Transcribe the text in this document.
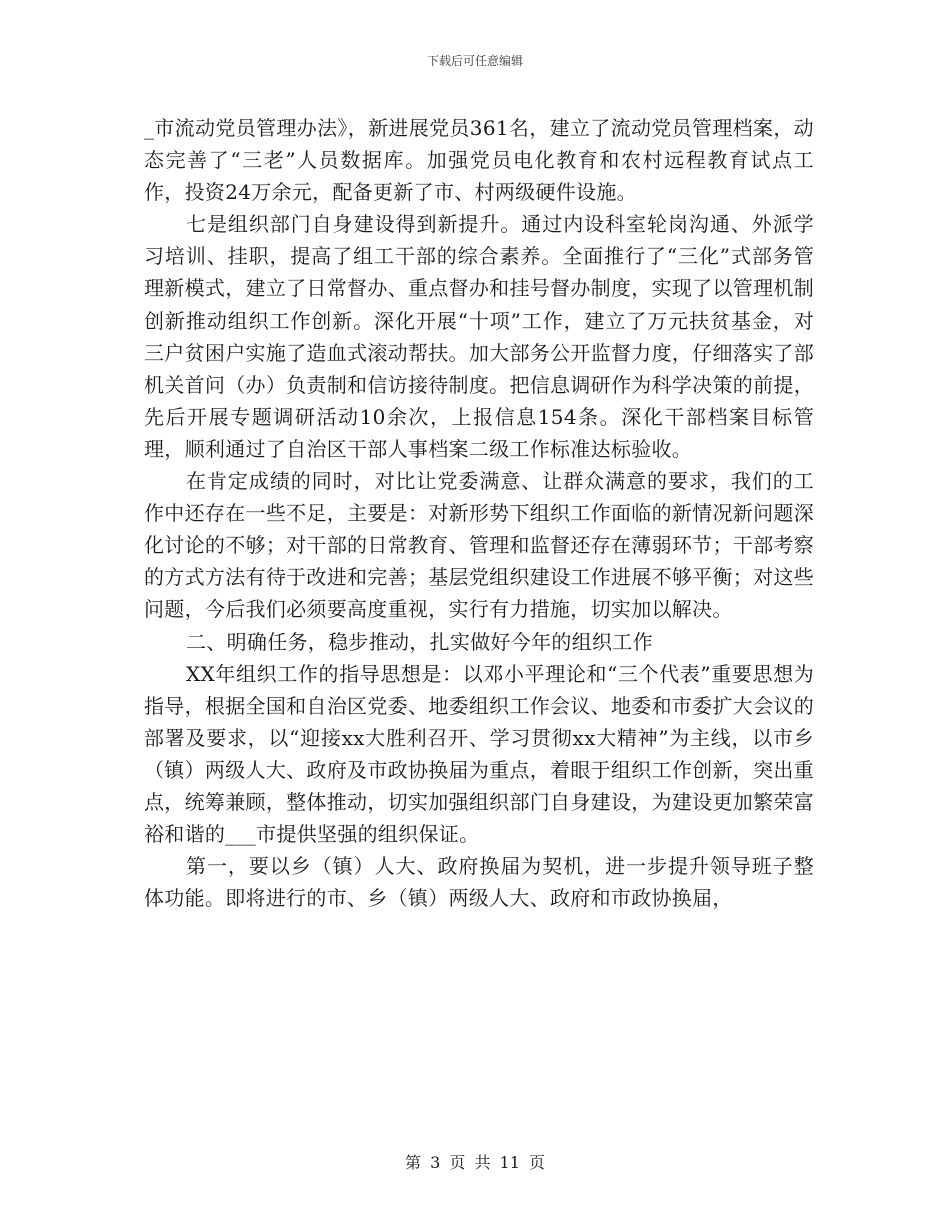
下载后可任意编辑

_市流动党员管理办法》，新进展党员361名，建立了流动党员管理档案，动态完善了“三老”人员数据库。加强党员电化教育和农村远程教育试点工作，投资24万余元，配备更新了市、村两级硬件设施。

七是组织部门自身建设得到新提升。通过内设科室轮岗沟通、外派学习培训、挂职，提高了组工干部的综合素养。全面推行了“三化”式部务管理新模式，建立了日常督办、重点督办和挂号督办制度，实现了以管理机制创新推动组织工作创新。深化开展“十项”工作，建立了万元扶贫基金，对三户贫困户实施了造血式滚动帮扶。加大部务公开监督力度，仔细落实了部机关首问（办）负责制和信访接待制度。把信息调研作为科学决策的前提，先后开展专题调研活动10余次，上报信息154条。深化干部档案目标管理，顺利通过了自治区干部人事档案二级工作标准达标验收。

在肯定成绩的同时，对比让党委满意、让群众满意的要求，我们的工作中还存在一些不足，主要是：对新形势下组织工作面临的新情况新问题深化讨论的不够；对干部的日常教育、管理和监督还存在薄弱环节；干部考察的方式方法有待于改进和完善；基层党组织建设工作进展不够平衡；对这些问题，今后我们必须要高度重视，实行有力措施，切实加以解决。

二、明确任务，稳步推动，扎实做好今年的组织工作

XX年组织工作的指导思想是：以邓小平理论和“三个代表”重要思想为指导，根据全国和自治区党委、地委组织工作会议、地委和市委扩大会议的部署及要求，以“迎接xx大胜利召开、学习贯彻xx大精神”为主线，以市乡（镇）两级人大、政府及市政协换届为重点，着眼于组织工作创新，突出重点，统筹兼顾，整体推动，切实加强组织部门自身建设，为建设更加繁荣富裕和谐的___市提供坚强的组织保证。

第一，要以乡（镇）人大、政府换届为契机，进一步提升领导班子整体功能。即将进行的市、乡（镇）两级人大、政府和市政协换届，

第 3 页 共 11 页
